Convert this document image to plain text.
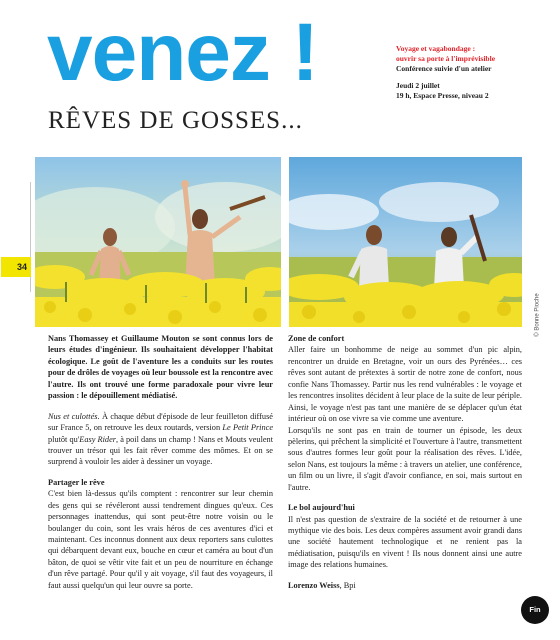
34
venez !	Voyage et vagabondage :
ouvrir sa porte à l'imprévisible
Conférence suivie d'un atelier
Jeudi 2 juillet
19 h, Espace Presse, niveau 2
RÊVES DE GOSSES...
© Bonne Pioche

Nans Thomassey et Guillaume Mouton se sont connus lors de leurs études d'ingénieur. Ils souhaitaient développer l'habitat écologique. Le goût de l'aventure les a conduits sur les routes pour de drôles de voyages où leur boussole est la rencontre avec l'autre. Ils ont trouvé une forme paradoxale pour vivre leur passion : le dépouillement médiatisé.

Nus et culottés. À chaque début d'épisode de leur feuilleton diffusé sur France 5, on retrouve les deux routards, version Le Petit Prince plutôt qu'Easy Rider, à poil dans un champ ! Nans et Mouts veulent trouver un trésor qui les fait rêver comme des mômes. Et on se surprend à vouloir les aider à dessiner un voyage.

Partager le rêve

C'est bien là-dessus qu'ils comptent : rencontrer sur leur chemin des gens qui se révéleront aussi tendrement dingues qu'eux. Ces personnages inattendus, qui sont peut-être notre voisin ou le boulanger du coin, sont les vrais héros de ces aventures d'ici et maintenant. Ces inconnus donnent aux deux reporters sans culottes qui débarquent devant eux, bouche en cœur et caméra au bout d'un bâton, de quoi se vêtir vite fait et un peu de nourriture en échange d'un rêve partagé. Pour qu'il y ait voyage, s'il faut des voyageurs, il faut aussi quelqu'un qui leur ouvre sa porte.

Zone de confort

Aller faire un bonhomme de neige au sommet d'un pic alpin, rencontrer un druide en Bretagne, voir un ours des Pyrénées… ces rêves sont autant de prétextes à sortir de notre zone de confort, nous confie Nans Thomassey. Partir nus les rend vulnérables : le voyage et les rencontres insolites décident à leur place de la suite de leur périple. Ainsi, le voyage n'est pas tant une manière de se déplacer qu'un état intérieur où on ose vivre sa vie comme une aventure.

Lorsqu'ils ne sont pas en train de tourner un épisode, les deux pèlerins, qui prêchent la simplicité et l'ouverture à l'autre, transmettent sous d'autres formes leur goût pour la réalisation des rêves. L'idée, selon Nans, est toujours la même : à travers un atelier, une conférence, un film ou un livre, il s'agit d'avoir confiance, en soi, mais surtout en l'autre.

Le bol aujourd'hui

Il n'est pas question de s'extraire de la société et de retourner à une mythique vie des bois. Les deux compères assument avoir grandi dans une société hautement technologique et ne renient pas la médiatisation, puisqu'ils en vivent ! Ils nous donnent ainsi une autre image des relations humaines.

Lorenzo Weiss, Bpi

Fin
